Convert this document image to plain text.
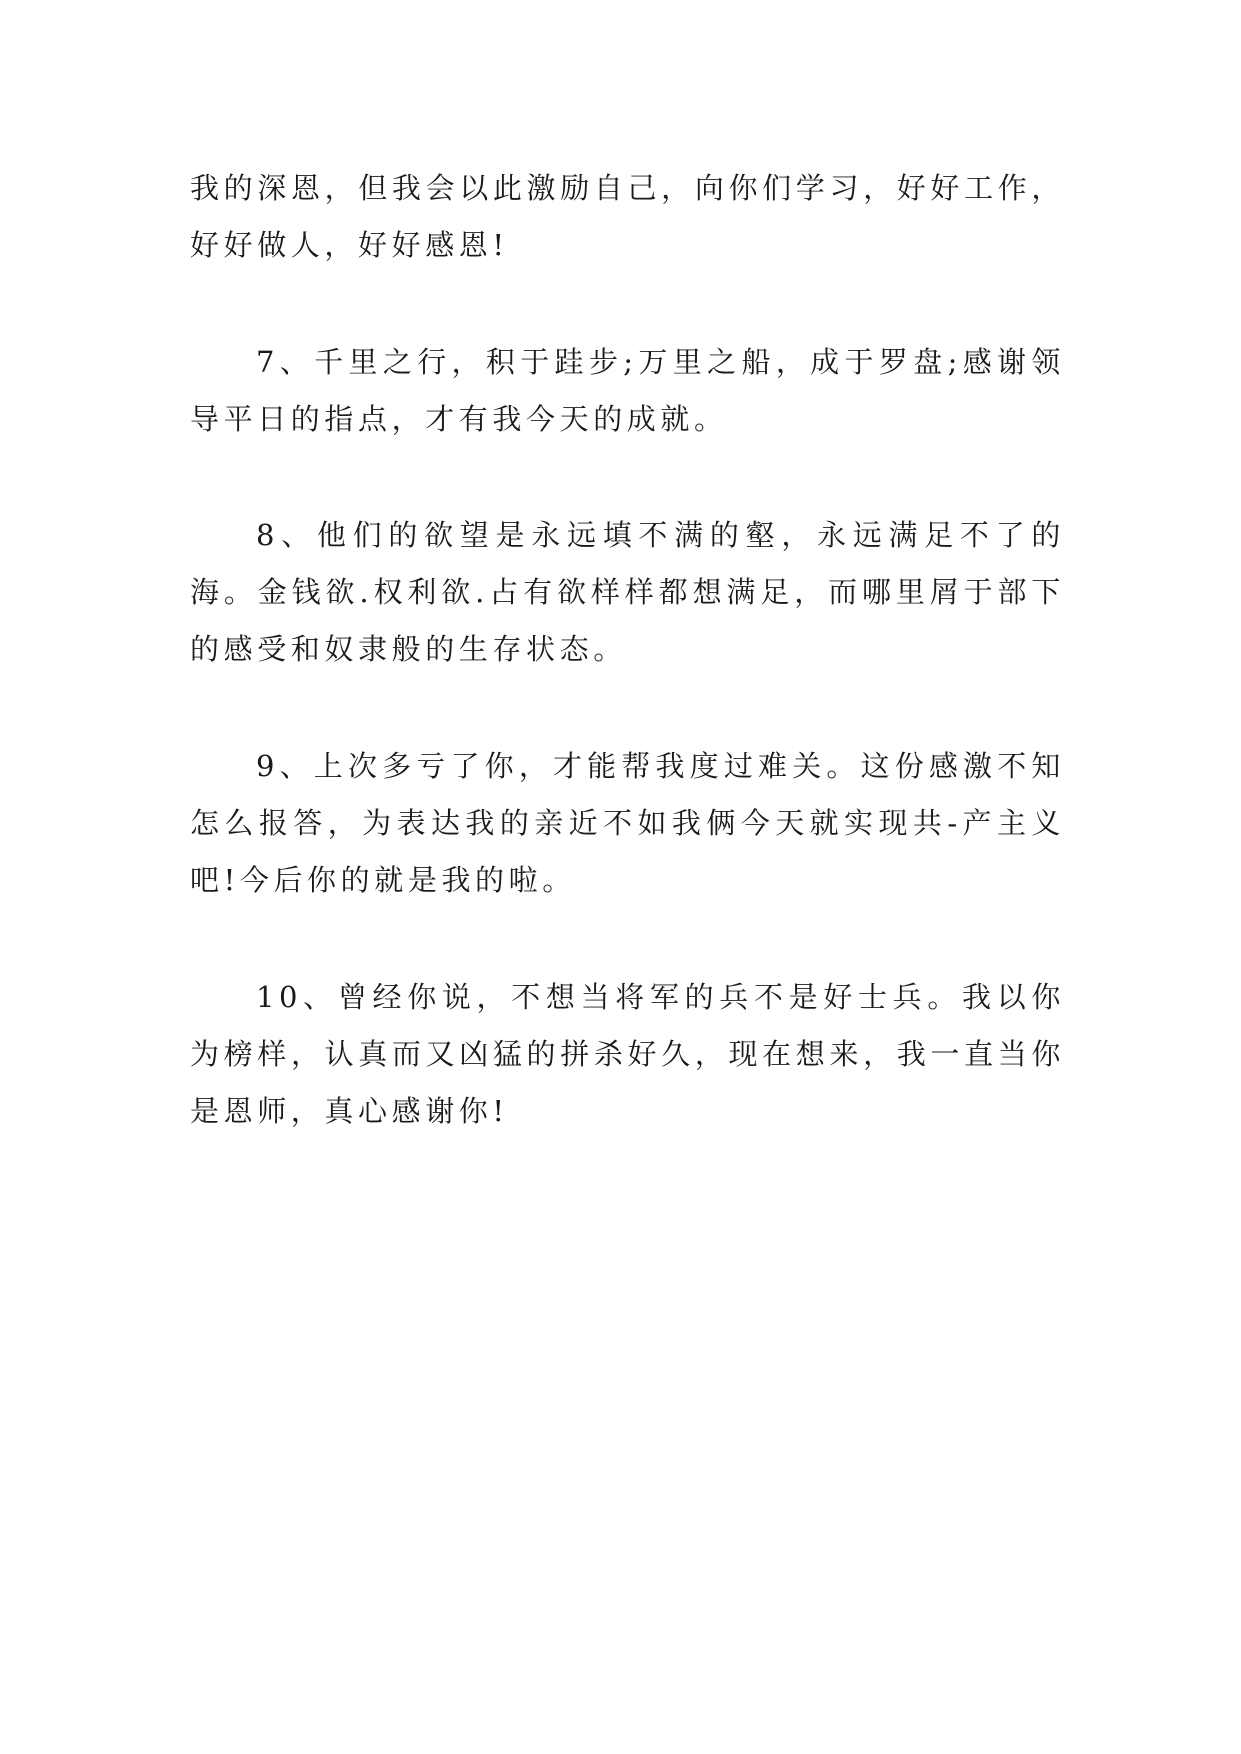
我的深恩，但我会以此激励自己，向你们学习，好好工作，好好做人，好好感恩!

7、千里之行，积于跬步;万里之船，成于罗盘;感谢领导平日的指点，才有我今天的成就。

8、他们的欲望是永远填不满的壑，永远满足不了的海。金钱欲.权利欲.占有欲样样都想满足，而哪里屑于部下的感受和奴隶般的生存状态。

9、上次多亏了你，才能帮我度过难关。这份感激不知怎么报答，为表达我的亲近不如我俩今天就实现共-产主义吧!今后你的就是我的啦。

10、曾经你说，不想当将军的兵不是好士兵。我以你为榜样，认真而又凶猛的拼杀好久，现在想来，我一直当你是恩师，真心感谢你!
